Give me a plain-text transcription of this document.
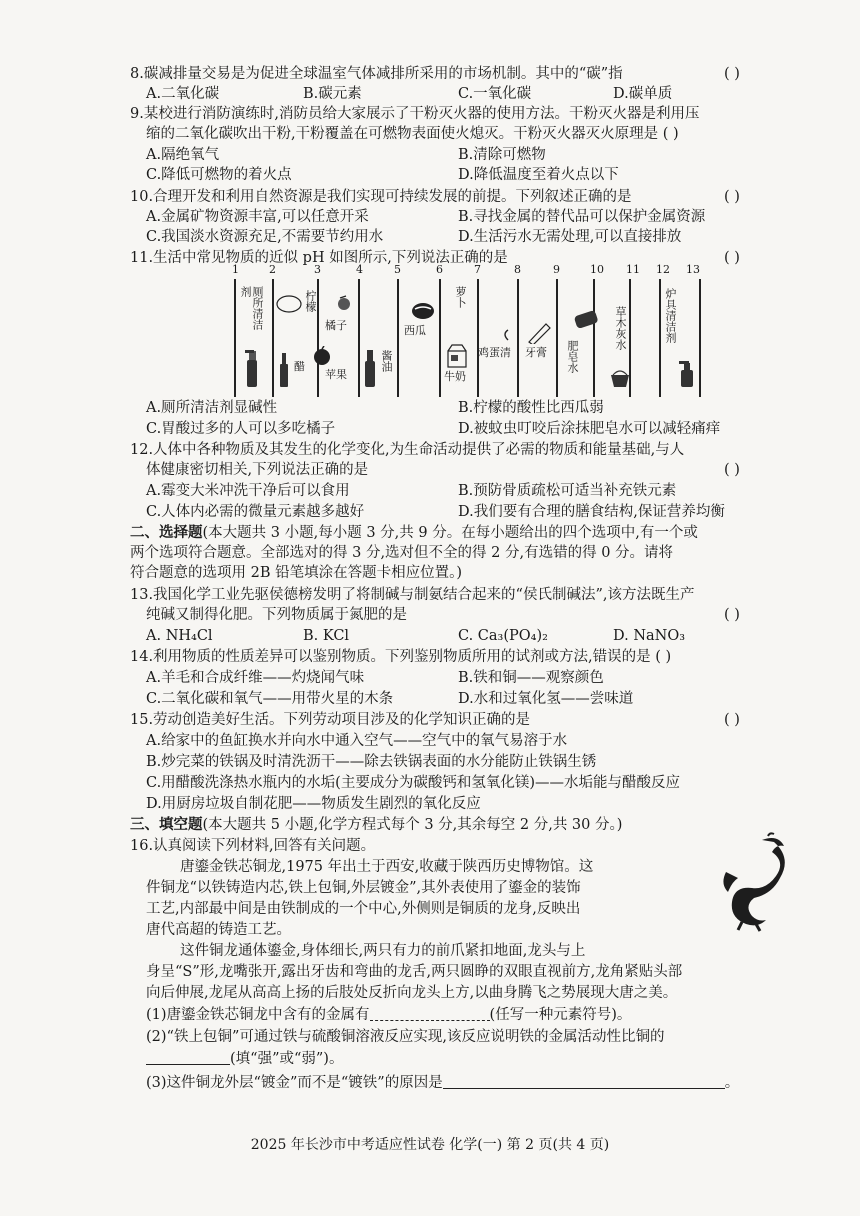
8.碳减排量交易是为促进全球温室气体减排所采用的市场机制。其中的“碳”指	( )
A.二氧化碳	B.碳元素	C.一氧化碳	D.碳单质
9.某校进行消防演练时,消防员给大家展示了干粉灭火器的使用方法。干粉灭火器是利用压
缩的二氧化碳吹出干粉,干粉覆盖在可燃物表面使火熄灭。干粉灭火器灭火原理是 ( )
A.隔绝氧气	B.清除可燃物
C.降低可燃物的着火点	D.降低温度至着火点以下
10.合理开发和利用自然资源是我们实现可持续发展的前提。下列叙述正确的是	( )
A.金属矿物资源丰富,可以任意开采	B.寻找金属的替代品可以保护金属资源
C.我国淡水资源充足,不需要节约用水	D.生活污水无需处理,可以直接排放
11.生活中常见物质的近似 pH 如图所示,下列说法正确的是	( )
1	2	3	4	5	6	7	8	9	10 11 12 13
厕所清洁剂	柠檬
醋
橘子
苹果
酱油
西瓜
萝卜
牛奶
鸡蛋清 牙膏 肥皂水
草木灰水	炉具清洁剂
A.厕所清洁剂显碱性	B.柠檬的酸性比西瓜弱
C.胃酸过多的人可以多吃橘子	D.被蚊虫叮咬后涂抹肥皂水可以减轻痛痒
12.人体中各种物质及其发生的化学变化,为生命活动提供了必需的物质和能量基础,与人
体健康密切相关,下列说法正确的是	( )
A.霉变大米冲洗干净后可以食用	B.预防骨质疏松可适当补充铁元素
C.人体内必需的微量元素越多越好	D.我们要有合理的膳食结构,保证营养均衡
二、选择题(本大题共 3 小题,每小题 3 分,共 9 分。在每小题给出的四个选项中,有一个或
两个选项符合题意。全部选对的得 3 分,选对但不全的得 2 分,有选错的得 0 分。请将
符合题意的选项用 2B 铅笔填涂在答题卡相应位置。)
13.我国化学工业先驱侯德榜发明了将制碱与制氨结合起来的“侯氏制碱法”,该方法既生产
纯碱又制得化肥。下列物质属于氮肥的是	( )
A. NH₄Cl	B. KCl	C. Ca₃(PO₄)₂	D. NaNO₃
14.利用物质的性质差异可以鉴别物质。下列鉴别物质所用的试剂或方法,错误的是 ( )
A.羊毛和合成纤维——灼烧闻气味	B.铁和铜——观察颜色
C.二氧化碳和氧气——用带火星的木条	D.水和过氧化氢——尝味道
15.劳动创造美好生活。下列劳动项目涉及的化学知识正确的是	( )
A.给家中的鱼缸换水并向水中通入空气——空气中的氧气易溶于水
B.炒完菜的铁锅及时清洗沥干——除去铁锅表面的水分能防止铁锅生锈
C.用醋酸洗涤热水瓶内的水垢(主要成分为碳酸钙和氢氧化镁)——水垢能与醋酸反应
D.用厨房垃圾自制花肥——物质发生剧烈的氧化反应
三、填空题(本大题共 5 小题,化学方程式每个 3 分,其余每空 2 分,共 30 分。)
16.认真阅读下列材料,回答有关问题。
唐鎏金铁芯铜龙,1975 年出土于西安,收藏于陕西历史博物馆。这
件铜龙“以铁铸造内芯,铁上包铜,外层镀金”,其外表使用了鎏金的装饰
工艺,内部最中间是由铁制成的一个中心,外侧则是铜质的龙身,反映出
唐代高超的铸造工艺。
这件铜龙通体鎏金,身体细长,两只有力的前爪紧扣地面,龙头与上
身呈“S”形,龙嘴张开,露出牙齿和弯曲的龙舌,两只圆睁的双眼直视前方,龙角紧贴头部
向后伸展,龙尾从高高上扬的后肢处反折向龙头上方,以曲身腾飞之势展现大唐之美。
(1)唐鎏金铁芯铜龙中含有的金属有	(任写一种元素符号)。
(2)“铁上包铜”可通过铁与硫酸铜溶液反应实现,该反应说明铁的金属活动性比铜的
(填“强”或“弱”)。
(3)这件铜龙外层“镀金”而不是“镀铁”的原因是	。
2025 年长沙市中考适应性试卷 化学(一) 第 2 页(共 4 页)
